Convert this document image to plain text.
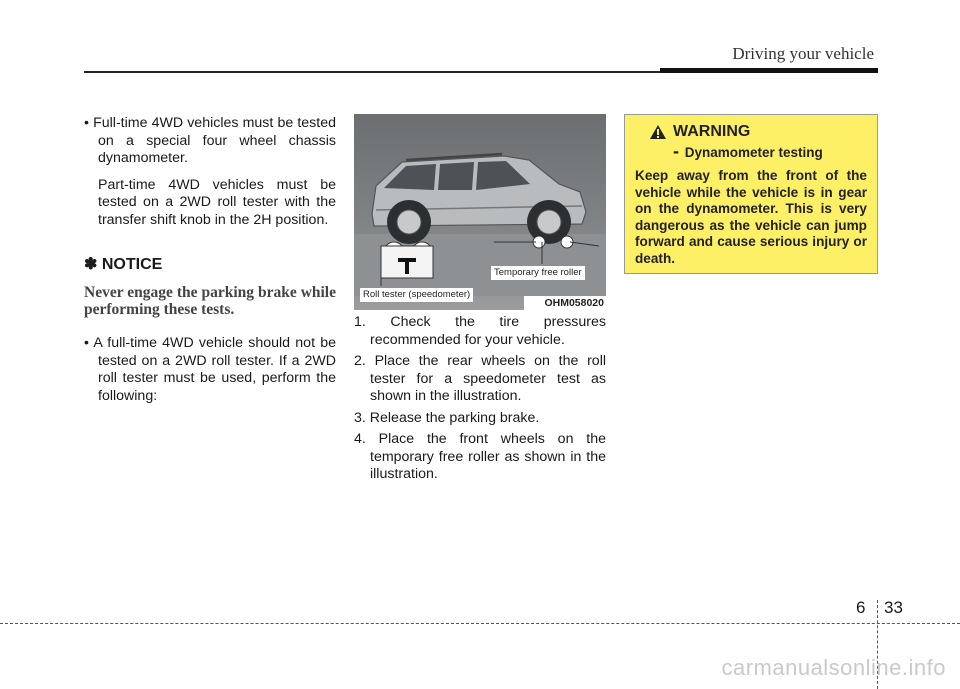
Driving your vehicle

• Full-time 4WD vehicles must be tested on a special four wheel chassis dynamometer.

Part-time 4WD vehicles must be tested on a 2WD roll tester with the transfer shift knob in the 2H position.

✽ NOTICE
Never engage the parking brake while performing these tests.

• A full-time 4WD vehicle should not be tested on a 2WD roll tester. If a 2WD roll tester must be used, perform the following:

Temporary free roller
Roll tester (speedometer)
OHM058020

1. Check the tire pressures recommended for your vehicle.

2. Place the rear wheels on the roll tester for a speedometer test as shown in the illustration.

3. Release the parking brake.

4. Place the front wheels on the temporary free roller as shown in the illustration.

WARNING
- Dynamometer testing
Keep away from the front of the vehicle while the vehicle is in gear on the dynamometer. This is very dangerous as the vehicle can jump forward and cause serious injury or death.
6 33
carmanualsonline.info
